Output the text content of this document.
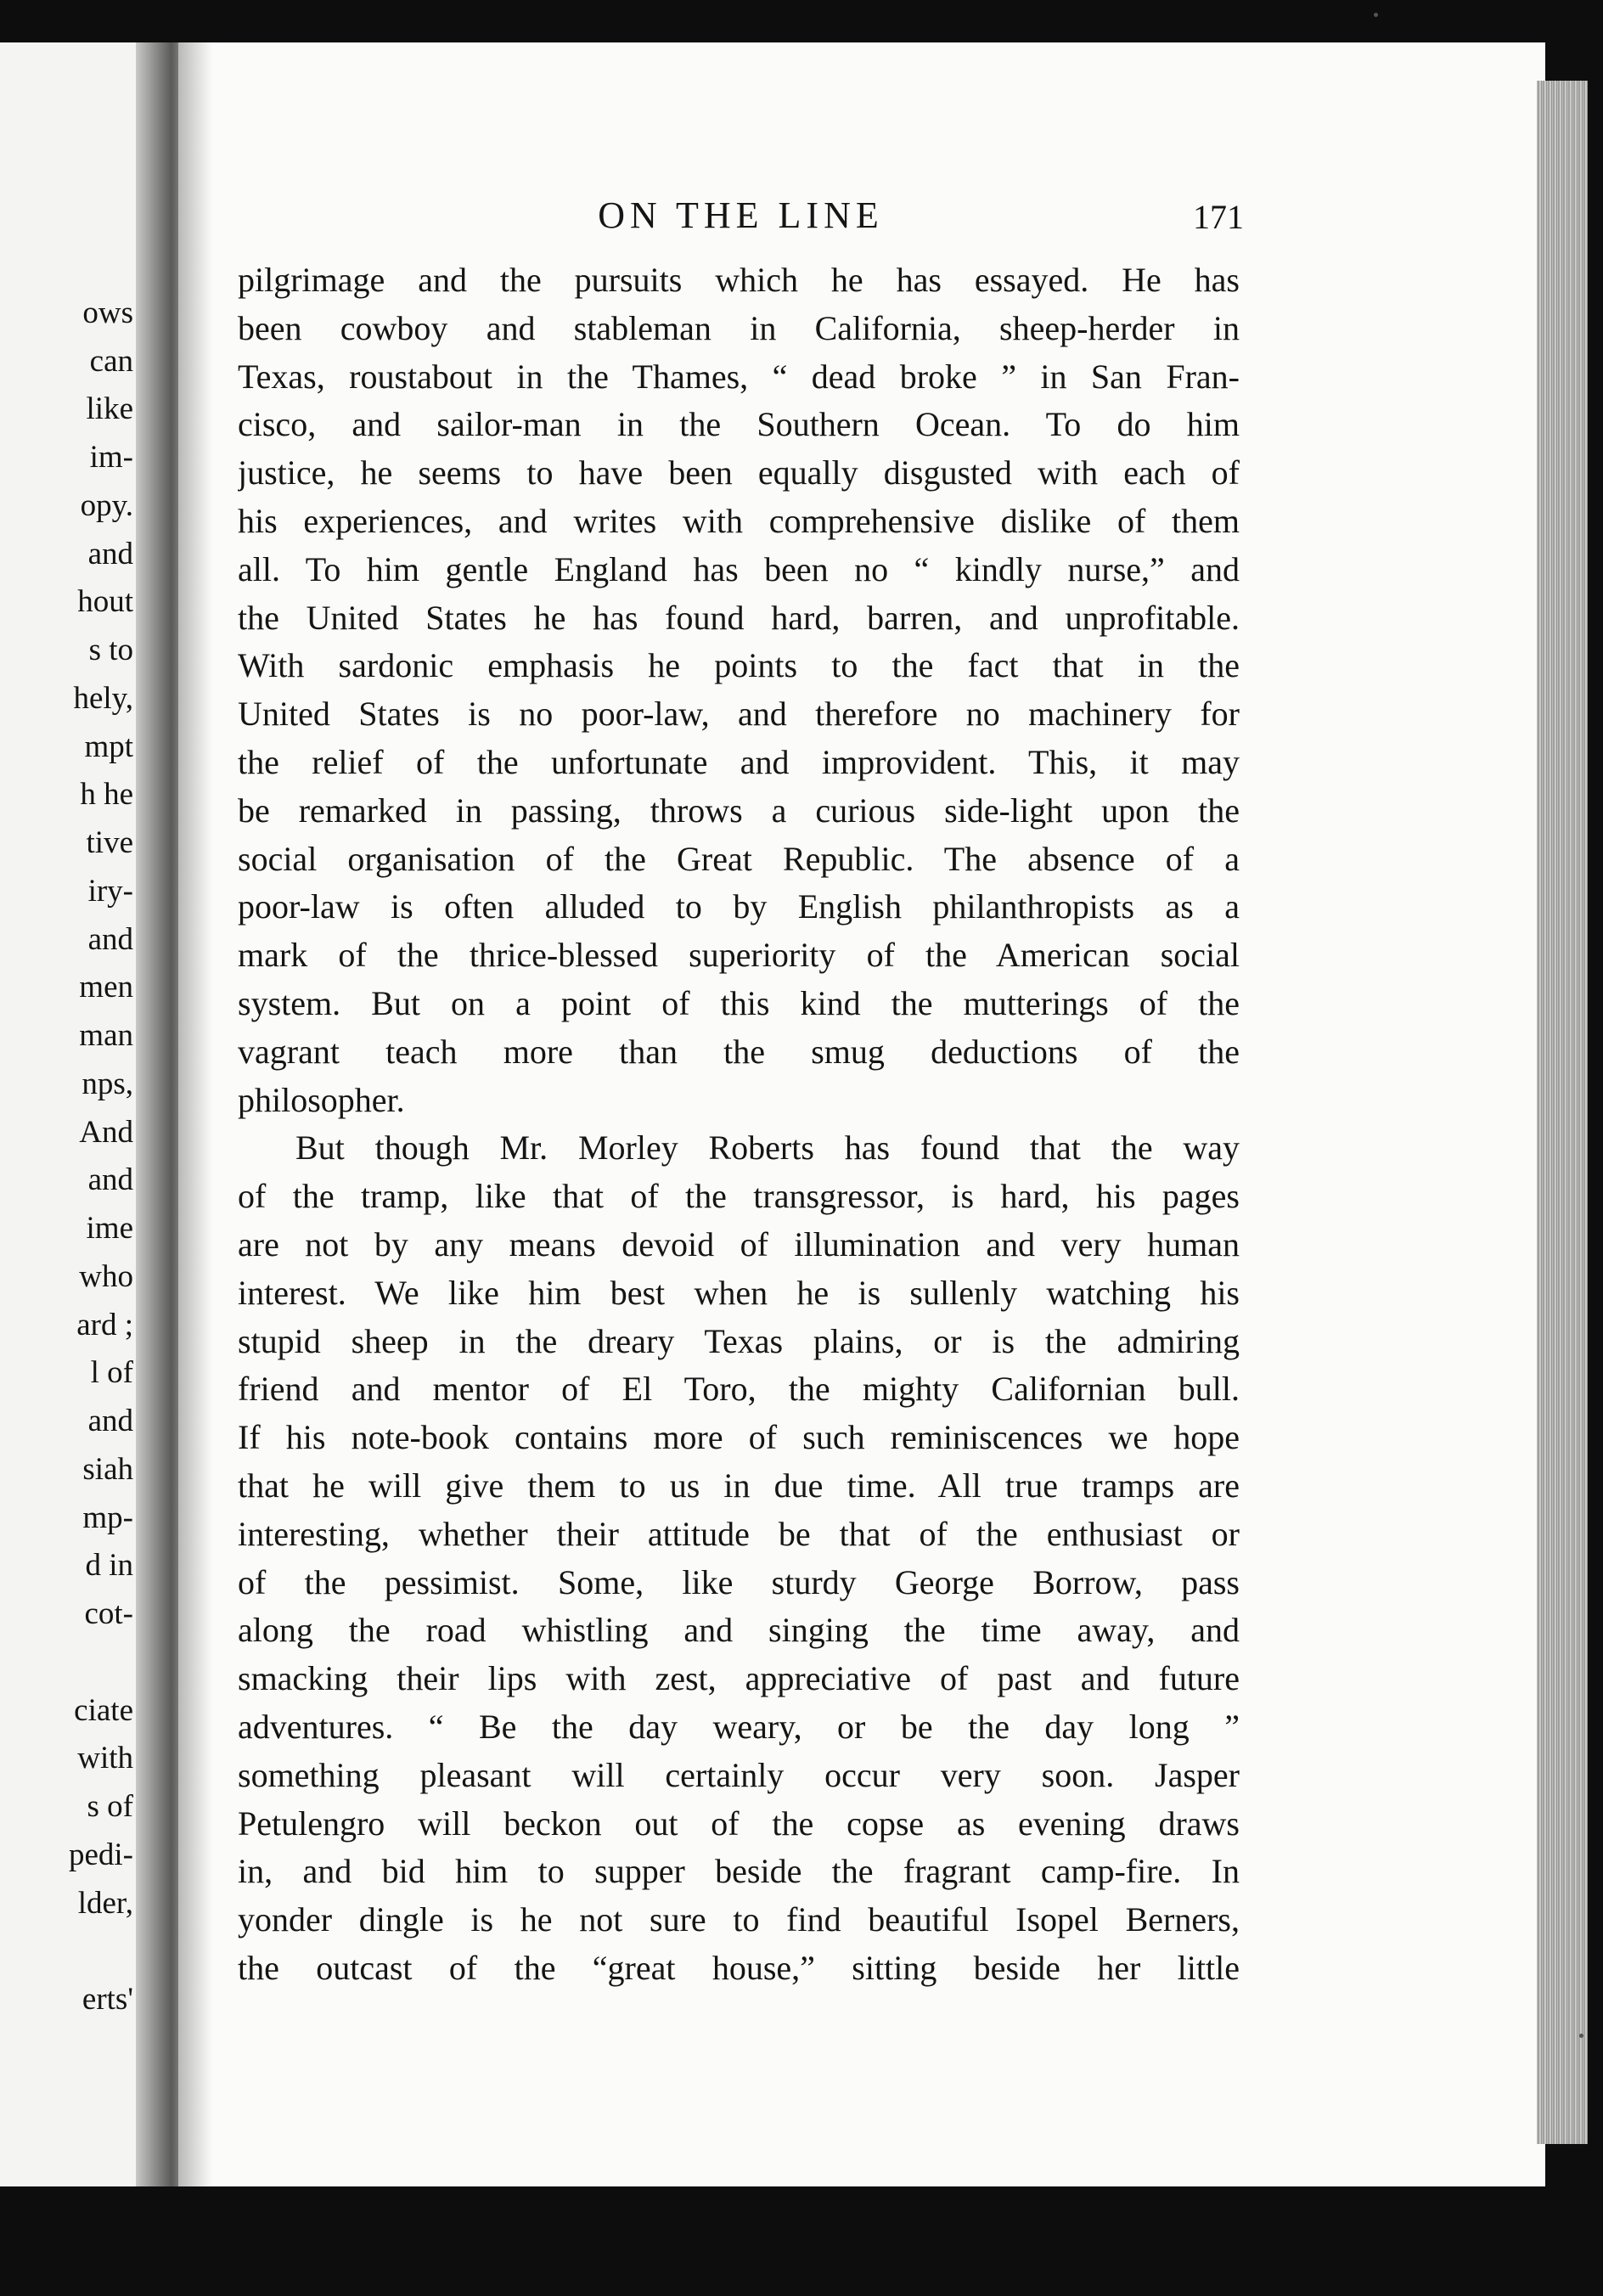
ows
can
like
im-
opy.
and
hout
s to
hely,
mpt
h he
tive
iry-
and
men
man
nps,
And
and
ime
who
ard ;
l of
and
siah
mp-
d in
cot-
ciate
with
s of
pedi-
lder,
erts'
ON THE LINE	171
pilgrimage and the pursuits which he has essayed. He has
been cowboy and stableman in California, sheep-herder in
Texas, roustabout in the Thames, “ dead broke ” in San Fran-
cisco, and sailor-man in the Southern Ocean. To do him
justice, he seems to have been equally disgusted with each of
his experiences, and writes with comprehensive dislike of them
all. To him gentle England has been no “ kindly nurse,” and
the United States he has found hard, barren, and unprofitable.
With sardonic emphasis he points to the fact that in the
United States is no poor-law, and therefore no machinery for
the relief of the unfortunate and improvident. This, it may
be remarked in passing, throws a curious side-light upon the
social organisation of the Great Republic. The absence of a
poor-law is often alluded to by English philanthropists as a
mark of the thrice-blessed superiority of the American social
system. But on a point of this kind the mutterings of the
vagrant teach more than the smug deductions of the
philosopher.
But though Mr. Morley Roberts has found that the way
of the tramp, like that of the transgressor, is hard, his pages
are not by any means devoid of illumination and very human
interest. We like him best when he is sullenly watching his
stupid sheep in the dreary Texas plains, or is the admiring
friend and mentor of El Toro, the mighty Californian bull.
If his note-book contains more of such reminiscences we hope
that he will give them to us in due time. All true tramps are
interesting, whether their attitude be that of the enthusiast or
of the pessimist. Some, like sturdy George Borrow, pass
along the road whistling and singing the time away, and
smacking their lips with zest, appreciative of past and future
adventures. “ Be the day weary, or be the day long ”
something pleasant will certainly occur very soon. Jasper
Petulengro will beckon out of the copse as evening draws
in, and bid him to supper beside the fragrant camp-fire. In
yonder dingle is he not sure to find beautiful Isopel Berners,
the outcast of the “great house,” sitting beside her little
